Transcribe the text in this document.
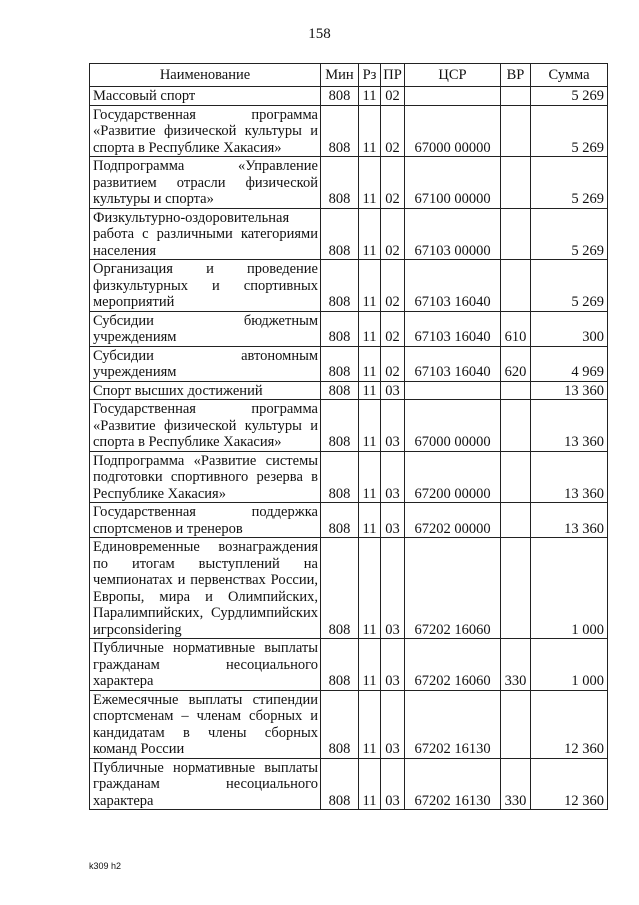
158
Наименование	Мин	Рз	ПР	ЦСР	ВР	Сумма
Массовый спорт	808	11	02			5 269
Государственная программа «Развитие физической культуры и спорта в Республике Хакасия»	808	11	02	67000 00000		5 269
Подпрограмма «Управление развитием отрасли физической культуры и спорта»	808	11	02	67100 00000		5 269
Физкультурно-оздоровительная работа с различными категориями населения	808	11	02	67103 00000		5 269
Организация и проведение физкультурных и спортивных мероприятий	808	11	02	67103 16040		5 269
Субсидии бюджетным учреждениям	808	11	02	67103 16040	610	300
Субсидии автономным учреждениям	808	11	02	67103 16040	620	4 969
Спорт высших достижений	808	11	03			13 360
Государственная программа «Развитие физической культуры и спорта в Республике Хакасия»	808	11	03	67000 00000		13 360
Подпрограмма «Развитие системы подготовки спортивного резерва в Республике Хакасия»	808	11	03	67200 00000		13 360
Государственная поддержка спортсменов и тренеров	808	11	03	67202 00000		13 360
Единовременные вознаграждения по итогам выступлений на чемпионатах и первенствах России, Европы, мира и Олимпийских, Паралимпийских, Сурдлимпийских игрconsidering	808	11	03	67202 16060		1 000
Публичные нормативные выплаты гражданам несоциального характера	808	11	03	67202 16060	330	1 000
Ежемесячные выплаты стипендии спортсменам – членам сборных и кандидатам в члены сборных команд России	808	11	03	67202 16130		12 360
Публичные нормативные выплаты гражданам несоциального характера	808	11	03	67202 16130	330	12 360
k309 h2
